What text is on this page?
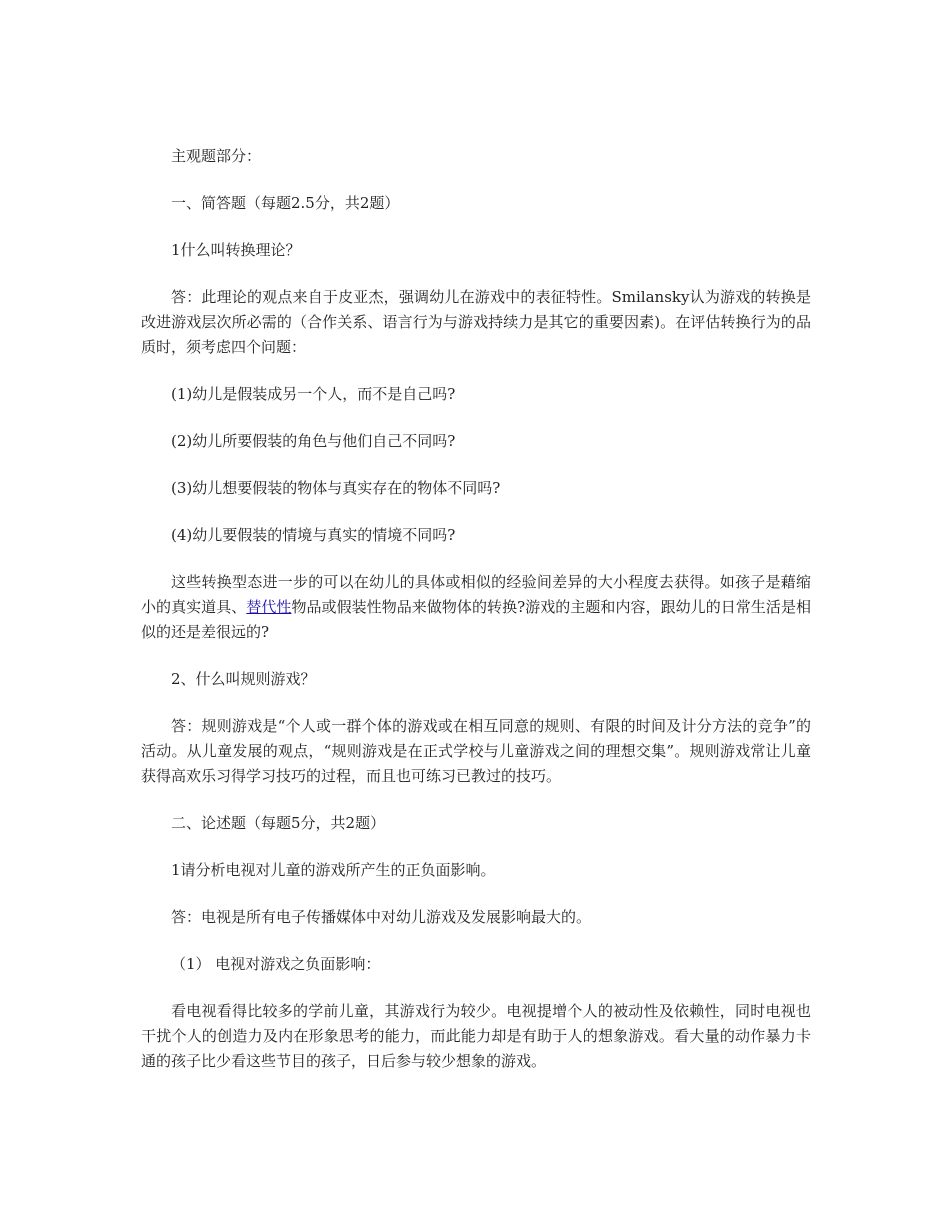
主观题部分：

一、简答题（每题2.5分，共2题）

1什么叫转换理论？

答：此理论的观点来自于皮亚杰，强调幼儿在游戏中的表征特性。Smilansky认为游戏的转换是改进游戏层次所必需的（合作关系、语言行为与游戏持续力是其它的重要因素)。在评估转换行为的品质时，须考虑四个问题：

(1)幼儿是假装成另一个人，而不是自己吗?

(2)幼儿所要假装的角色与他们自己不同吗?

(3)幼儿想要假装的物体与真实存在的物体不同吗?

(4)幼儿要假装的情境与真实的情境不同吗?

这些转换型态进一步的可以在幼儿的具体或相似的经验间差异的大小程度去获得。如孩子是藉缩小的真实道具、替代性物品或假装性物品来做物体的转换?游戏的主题和内容，跟幼儿的日常生活是相似的还是差很远的?

2、什么叫规则游戏？

答：规则游戏是“个人或一群个体的游戏或在相互同意的规则、有限的时间及计分方法的竞争”的活动。从儿童发展的观点，“规则游戏是在正式学校与儿童游戏之间的理想交集”。规则游戏常让儿童获得高欢乐习得学习技巧的过程，而且也可练习已教过的技巧。

二、论述题（每题5分，共2题）

1请分析电视对儿童的游戏所产生的正负面影响。

答：电视是所有电子传播媒体中对幼儿游戏及发展影响最大的。

（1） 电视对游戏之负面影响：

看电视看得比较多的学前儿童，其游戏行为较少。电视提增个人的被动性及依赖性，同时电视也干扰个人的创造力及内在形象思考的能力，而此能力却是有助于人的想象游戏。看大量的动作暴力卡通的孩子比少看这些节目的孩子，日后参与较少想象的游戏。
